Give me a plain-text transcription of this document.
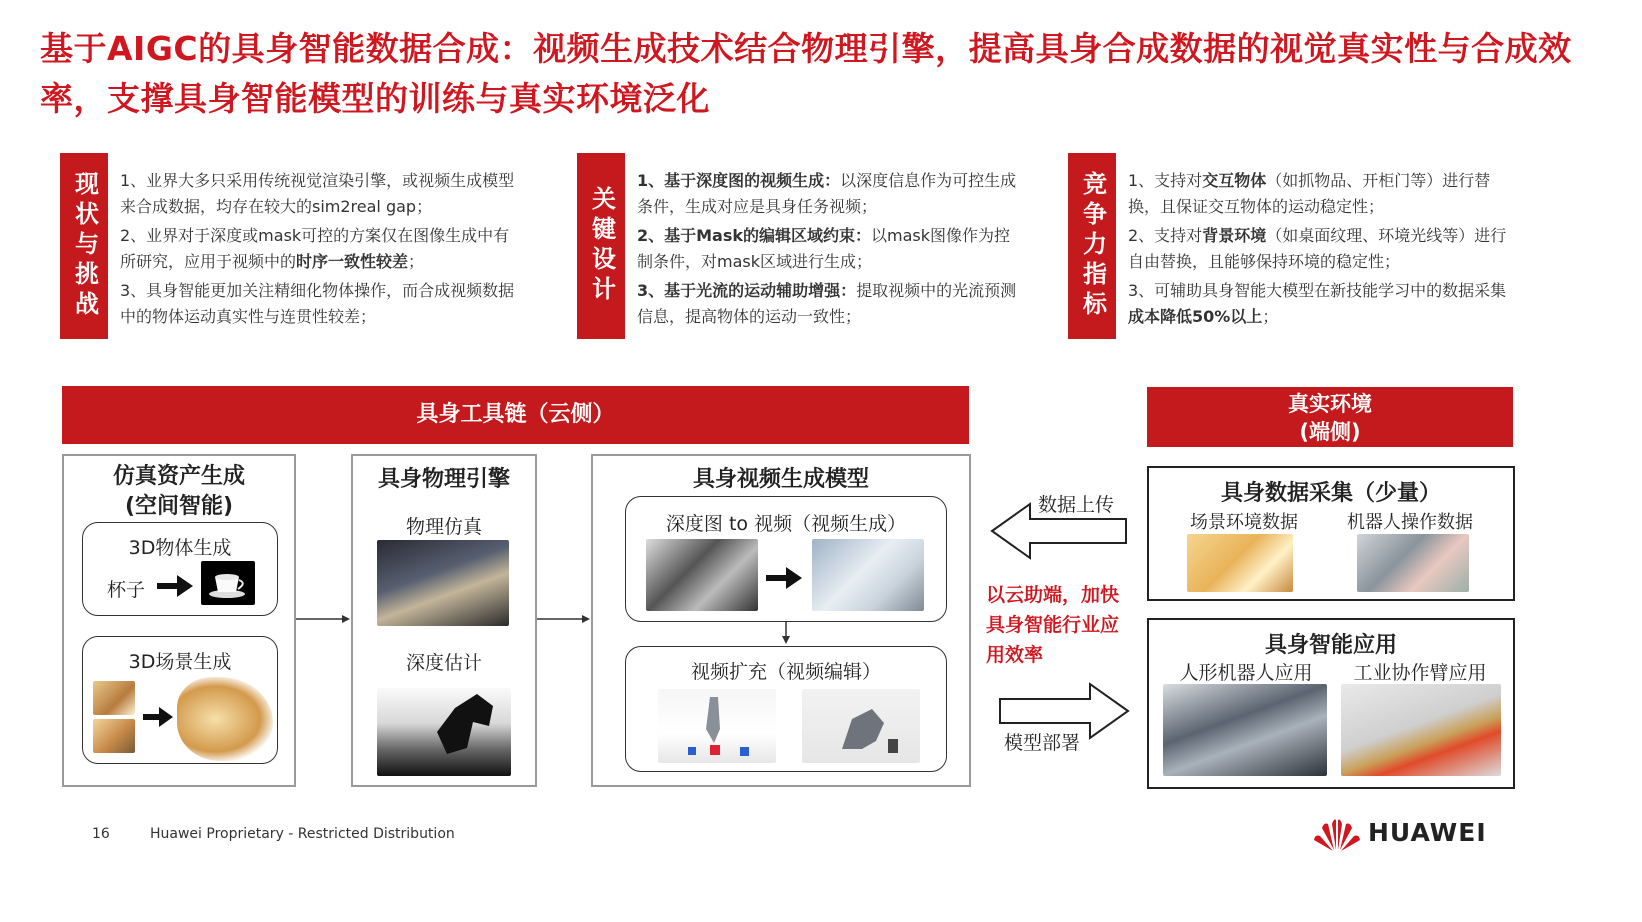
基于AIGC的具身智能数据合成：视频生成技术结合物理引擎，提高具身合成数据的视觉真实性与合成效率，支撑具身智能模型的训练与真实环境泛化
现状与挑战	1、业界大多只采用传统视觉渲染引擎，或视频生成模型来合成数据，均存在较大的sim2real gap；

2、业界对于深度或mask可控的方案仅在图像生成中有所研究，应用于视频中的时序一致性较差；

3、具身智能更加关注精细化物体操作，而合成视频数据中的物体运动真实性与连贯性较差；

关键设计

1、基于深度图的视频生成：以深度信息作为可控生成条件，生成对应是具身任务视频；

2、基于Mask的编辑区域约束：以mask图像作为控制条件，对mask区域进行生成；

3、基于光流的运动辅助增强：提取视频中的光流预测信息，提高物体的运动一致性；	竞争力指标	1、支持对交互物体（如抓物品、开柜门等）进行替换，且保证交互物体的运动稳定性；

2、支持对背景环境（如桌面纹理、环境光线等）进行自由替换，且能够保持环境的稳定性；

3、可辅助具身智能大模型在新技能学习中的数据采集成本降低50%以上；

具身工具链（云侧）
仿真资产生成
(空间智能)
3D物体生成
杯子
3D场景生成
具身物理引擎
物理仿真
深度估计
具身视频生成模型
深度图 to 视频（视频生成）
视频扩充（视频编辑）
数据上传
以云助端，加快具身智能行业应用效率
模型部署
真实环境
(端侧)
具身数据采集（少量）
场景环境数据	机器人操作数据
具身智能应用
人形机器人应用	工业协作臂应用
16	Huawei Proprietary - Restricted Distribution	HUAWEI
